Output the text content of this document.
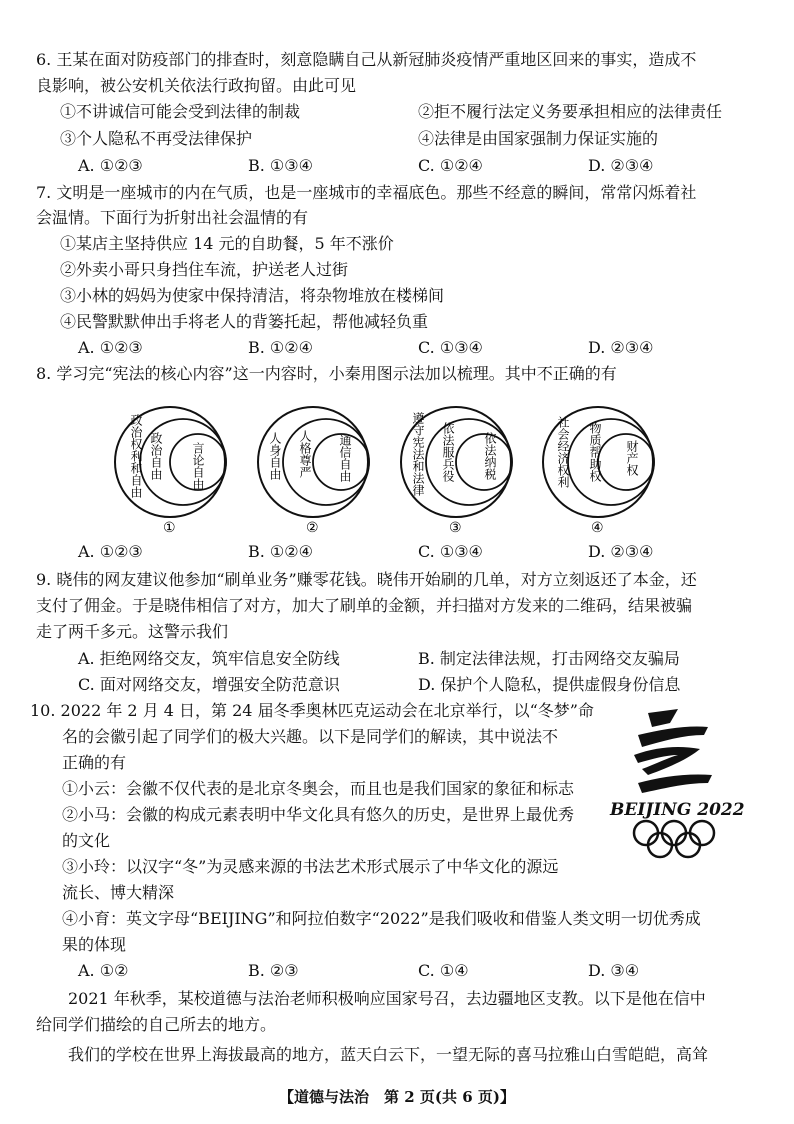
6. 王某在面对防疫部门的排查时，刻意隐瞒自己从新冠肺炎疫情严重地区回来的事实，造成不
良影响，被公安机关依法行政拘留。由此可见
①不讲诚信可能会受到法律的制裁	②拒不履行法定义务要承担相应的法律责任
③个人隐私不再受法律保护	④法律是由国家强制力保证实施的
A. ①②③	B. ①③④	C. ①②④	D. ②③④
7. 文明是一座城市的内在气质，也是一座城市的幸福底色。那些不经意的瞬间，常常闪烁着社
会温情。下面行为折射出社会温情的有
①某店主坚持供应 14 元的自助餐，5 年不涨价
②外卖小哥只身挡住车流，护送老人过街
③小林的妈妈为使家中保持清洁，将杂物堆放在楼梯间
④民警默默伸出手将老人的背篓托起，帮他减轻负重
A. ①②③	B. ①②④	C. ①③④	D. ②③④
8. 学习完“宪法的核心内容”这一内容时，小秦用图示法加以梳理。其中不正确的有
政治权利和自由 政治自由 言论自由
①
人身自由 人格尊严 通信自由
②
遵守宪法和法律 依法服兵役 依法纳税
③
社会经济权利 物质帮助权 财产权
④
A. ①②③	B. ①②④	C. ①③④	D. ②③④
9. 晓伟的网友建议他参加“刷单业务”赚零花钱。晓伟开始刷的几单，对方立刻返还了本金，还
支付了佣金。于是晓伟相信了对方，加大了刷单的金额，并扫描对方发来的二维码，结果被骗
走了两千多元。这警示我们
A. 拒绝网络交友，筑牢信息安全防线	B. 制定法律法规，打击网络交友骗局
C. 面对网络交友，增强安全防范意识	D. 保护个人隐私，提供虚假身份信息
10. 2022 年 2 月 4 日，第 24 届冬季奥林匹克运动会在北京举行，以“冬梦”命
名的会徽引起了同学们的极大兴趣。以下是同学们的解读，其中说法不
正确的有
①小云：会徽不仅代表的是北京冬奥会，而且也是我们国家的象征和标志
②小马：会徽的构成元素表明中华文化具有悠久的历史，是世界上最优秀
的文化
③小玲：以汉字“冬”为灵感来源的书法艺术形式展示了中华文化的源远
流长、博大精深
④小育：英文字母“BEIJING”和阿拉伯数字“2022”是我们吸收和借鉴人类文明一切优秀成
果的体现
BEIJING 2022
A. ①②	B. ②③	C. ①④	D. ③④
2021 年秋季，某校道德与法治老师积极响应国家号召，去边疆地区支教。以下是他在信中
给同学们描绘的自己所去的地方。
我们的学校在世界上海拔最高的地方，蓝天白云下，一望无际的喜马拉雅山白雪皑皑，高耸
【道德与法治　第 2 页(共 6 页)】
